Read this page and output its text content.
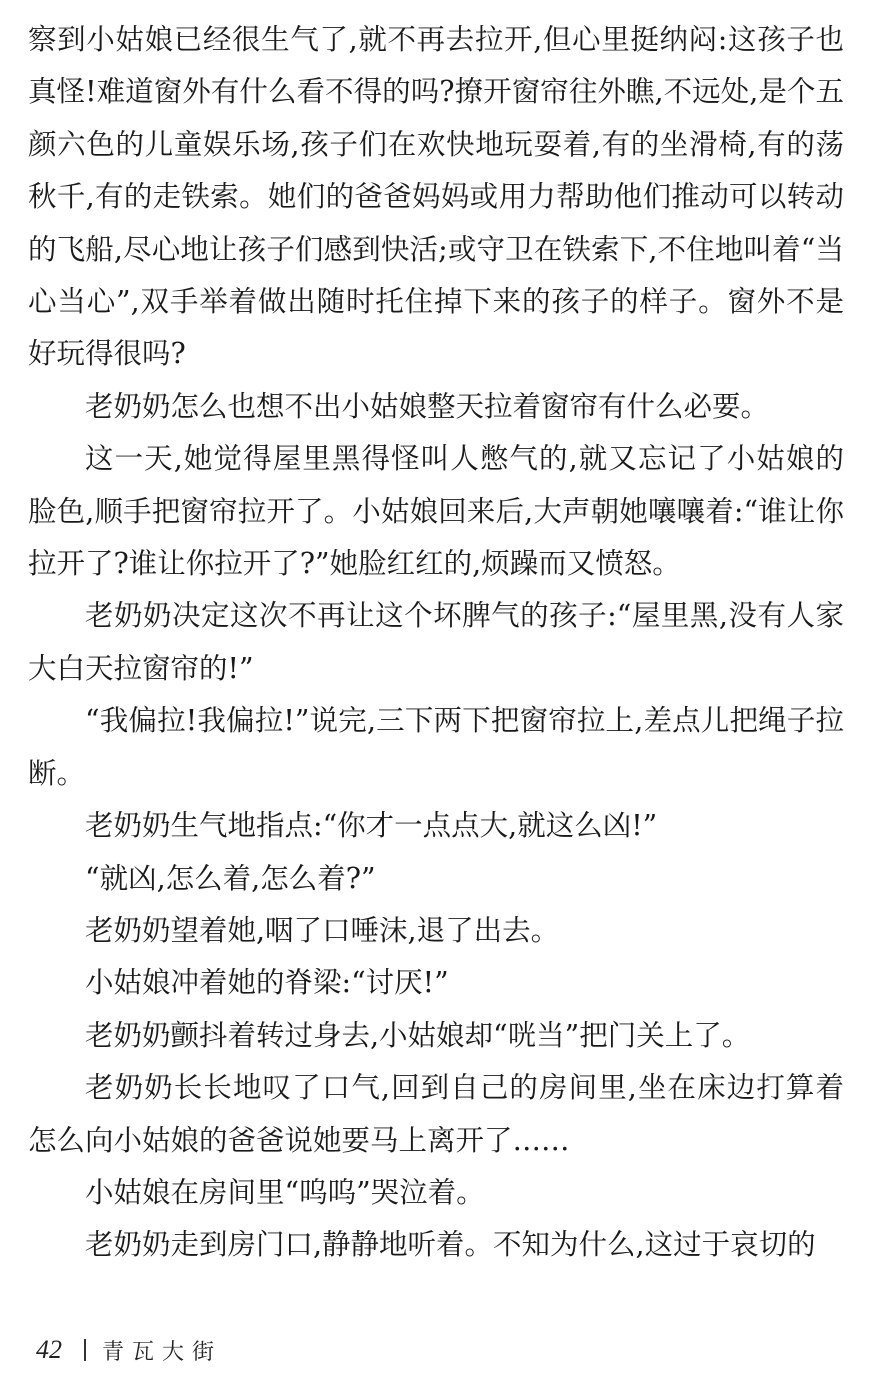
察到小姑娘已经很生气了,就不再去拉开,但心里挺纳闷:这孩子也真怪!难道窗外有什么看不得的吗?撩开窗帘往外瞧,不远处,是个五颜六色的儿童娱乐场,孩子们在欢快地玩耍着,有的坐滑椅,有的荡秋千,有的走铁索。她们的爸爸妈妈或用力帮助他们推动可以转动的飞船,尽心地让孩子们感到快活;或守卫在铁索下,不住地叫着“当心当心”,双手举着做出随时托住掉下来的孩子的样子。窗外不是好玩得很吗?

老奶奶怎么也想不出小姑娘整天拉着窗帘有什么必要。

这一天,她觉得屋里黑得怪叫人憋气的,就又忘记了小姑娘的脸色,顺手把窗帘拉开了。小姑娘回来后,大声朝她嚷嚷着:“谁让你拉开了?谁让你拉开了?”她脸红红的,烦躁而又愤怒。

老奶奶决定这次不再让这个坏脾气的孩子:“屋里黑,没有人家大白天拉窗帘的!”

“我偏拉!我偏拉!”说完,三下两下把窗帘拉上,差点儿把绳子拉断。

老奶奶生气地指点:“你才一点点大,就这么凶!”

“就凶,怎么着,怎么着?”

老奶奶望着她,咽了口唾沫,退了出去。

小姑娘冲着她的脊梁:“讨厌!”

老奶奶颤抖着转过身去,小姑娘却“咣当”把门关上了。

老奶奶长长地叹了口气,回到自己的房间里,坐在床边打算着怎么向小姑娘的爸爸说她要马上离开了……

小姑娘在房间里“呜呜”哭泣着。

老奶奶走到房门口,静静地听着。不知为什么,这过于哀切的

42 青瓦大街
